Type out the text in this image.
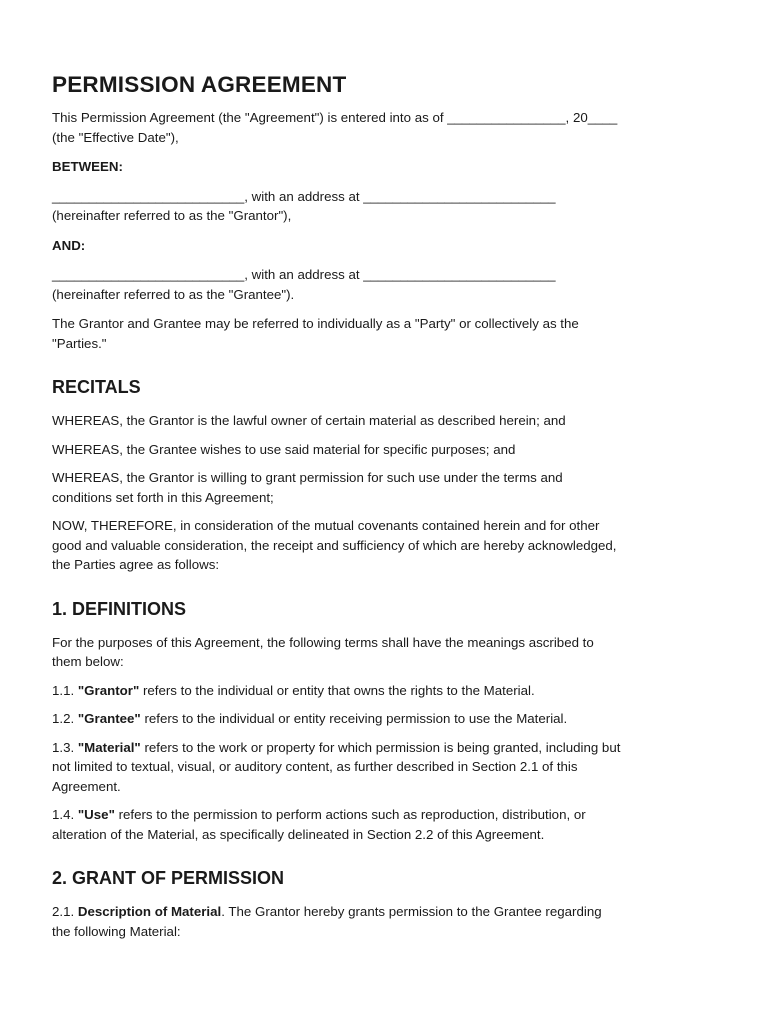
PERMISSION AGREEMENT

This Permission Agreement (the "Agreement") is entered into as of ________________, 20____
(the "Effective Date"),

BETWEEN:

__________________________, with an address at __________________________
(hereinafter referred to as the "Grantor"),

AND:

__________________________, with an address at __________________________
(hereinafter referred to as the "Grantee").

The Grantor and Grantee may be referred to individually as a "Party" or collectively as the
"Parties."

RECITALS

WHEREAS, the Grantor is the lawful owner of certain material as described herein; and

WHEREAS, the Grantee wishes to use said material for specific purposes; and

WHEREAS, the Grantor is willing to grant permission for such use under the terms and
conditions set forth in this Agreement;

NOW, THEREFORE, in consideration of the mutual covenants contained herein and for other
good and valuable consideration, the receipt and sufficiency of which are hereby acknowledged,
the Parties agree as follows:

1. DEFINITIONS

For the purposes of this Agreement, the following terms shall have the meanings ascribed to
them below:

1.1. "Grantor" refers to the individual or entity that owns the rights to the Material.

1.2. "Grantee" refers to the individual or entity receiving permission to use the Material.

1.3. "Material" refers to the work or property for which permission is being granted, including but
not limited to textual, visual, or auditory content, as further described in Section 2.1 of this
Agreement.

1.4. "Use" refers to the permission to perform actions such as reproduction, distribution, or
alteration of the Material, as specifically delineated in Section 2.2 of this Agreement.

2. GRANT OF PERMISSION

2.1. Description of Material. The Grantor hereby grants permission to the Grantee regarding
the following Material:
